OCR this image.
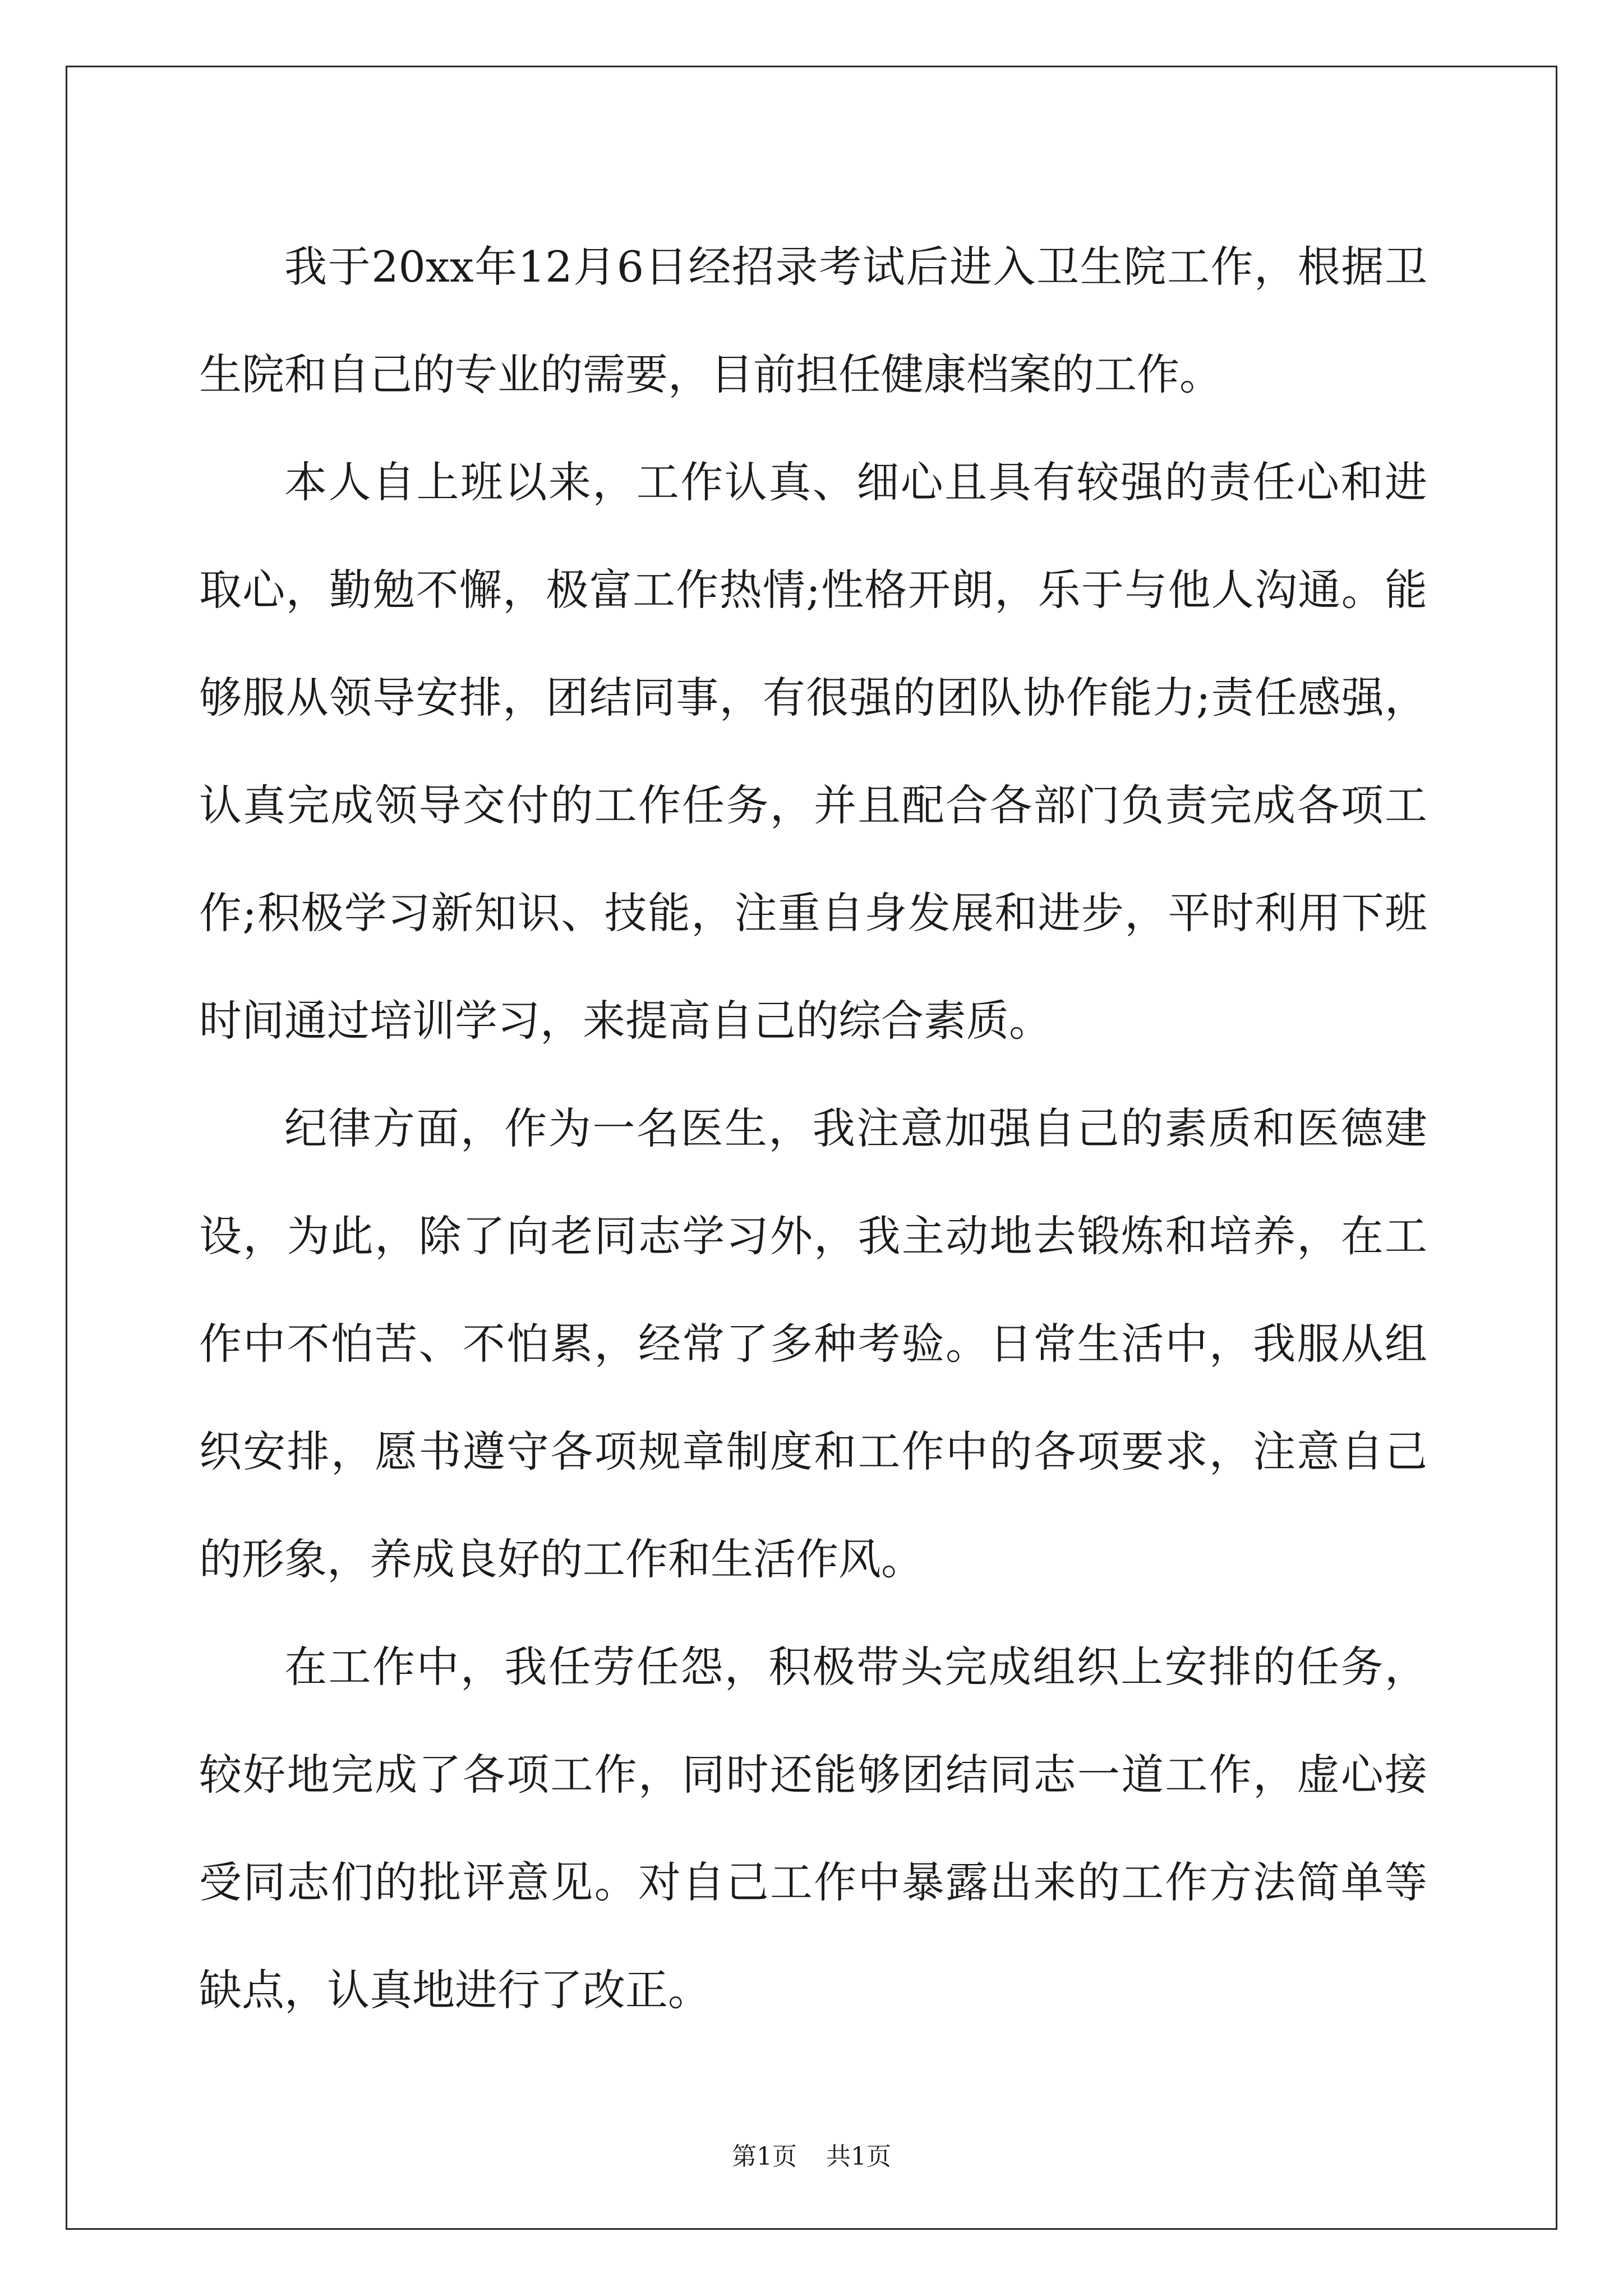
我于20xx年12月6日经招录考试后进入卫生院工作，根据卫生院和自己的专业的需要，目前担任健康档案的工作。

本人自上班以来，工作认真、细心且具有较强的责任心和进取心，勤勉不懈，极富工作热情;性格开朗，乐于与他人沟通。能够服从领导安排，团结同事，有很强的团队协作能力;责任感强，认真完成领导交付的工作任务，并且配合各部门负责完成各项工作;积极学习新知识、技能，注重自身发展和进步，平时利用下班时间通过培训学习，来提高自己的综合素质。

纪律方面，作为一名医生，我注意加强自己的素质和医德建设，为此，除了向老同志学习外，我主动地去锻炼和培养，在工作中不怕苦、不怕累，经常了多种考验。日常生活中，我服从组织安排，愿书遵守各项规章制度和工作中的各项要求，注意自己的形象，养成良好的工作和生活作风。

在工作中，我任劳任怨，积极带头完成组织上安排的任务，较好地完成了各项工作，同时还能够团结同志一道工作，虚心接受同志们的批评意见。对自己工作中暴露出来的工作方法简单等缺点，认真地进行了改正。

第1页 共1页
